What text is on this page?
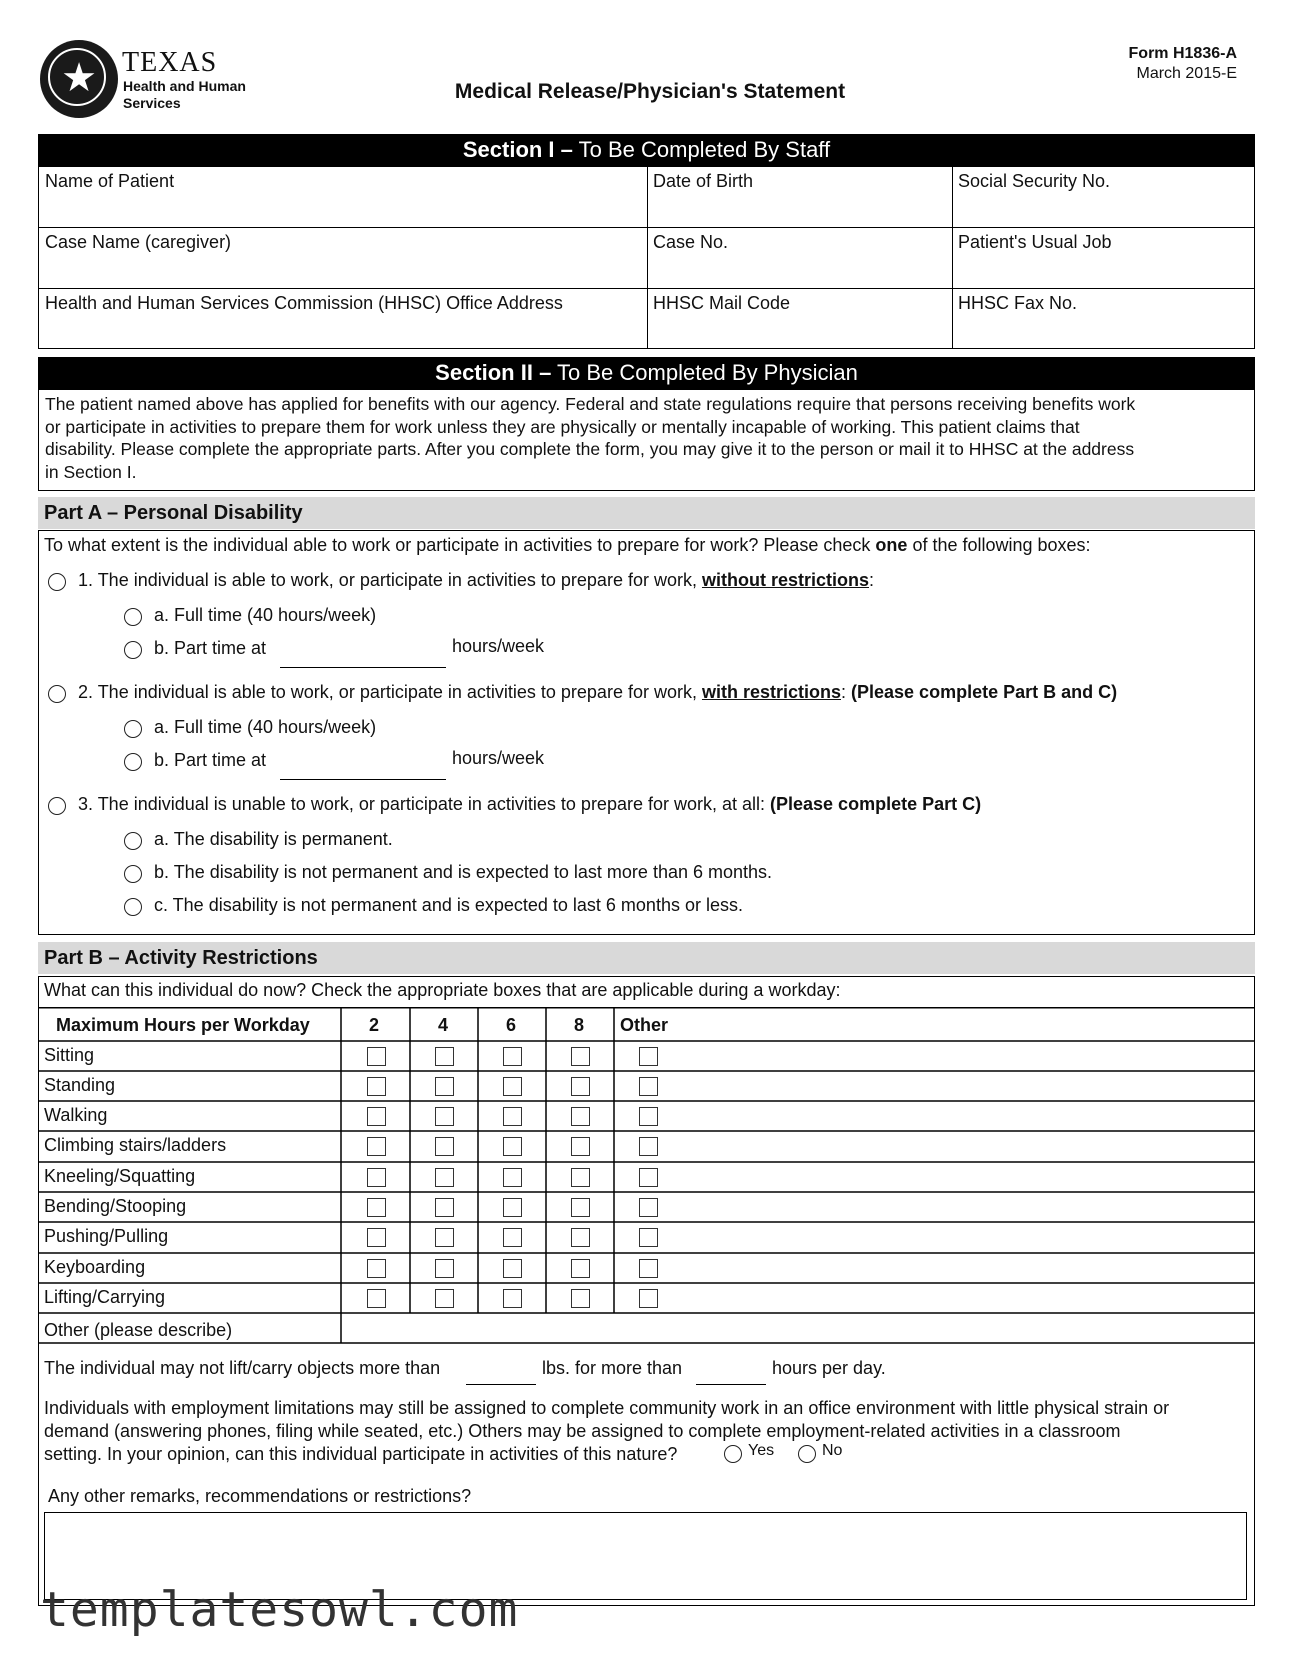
★ TEXAS
Health and Human
Services	Medical Release/Physician's Statement
Form H1836-A
March 2015-E
Section I – To Be Completed By Staff
Name of Patient	Date of Birth	Social Security No.
Case Name (caregiver)	Case No.	Patient's Usual Job
Health and Human Services Commission (HHSC) Office Address	HHSC Mail Code	HHSC Fax No.
Section II – To Be Completed By Physician
The patient named above has applied for benefits with our agency. Federal and state regulations require that persons receiving benefits work
or participate in activities to prepare them for work unless they are physically or mentally incapable of working. This patient claims that
disability. Please complete the appropriate parts. After you complete the form, you may give it to the person or mail it to HHSC at the address
in Section I.
Part A – Personal Disability
To what extent is the individual able to work or participate in activities to prepare for work? Please check one of the following boxes:
1. The individual is able to work, or participate in activities to prepare for work, without restrictions:
a. Full time (40 hours/week)
b. Part time at	hours/week
2. The individual is able to work, or participate in activities to prepare for work, with restrictions: (Please complete Part B and C)
a. Full time (40 hours/week)
b. Part time at	hours/week
3. The individual is unable to work, or participate in activities to prepare for work, at all: (Please complete Part C)
a. The disability is permanent.
b. The disability is not permanent and is expected to last more than 6 months.
c. The disability is not permanent and is expected to last 6 months or less.
Part B – Activity Restrictions
What can this individual do now? Check the appropriate boxes that are applicable during a workday:
Maximum Hours per Workday	2	4	6	8 Other
Sitting
Standing
Walking
Climbing stairs/ladders
Kneeling/Squatting
Bending/Stooping
Pushing/Pulling
Keyboarding
Lifting/Carrying
Other (please describe)
The individual may not lift/carry objects more than	lbs. for more than	hours per day.
Individuals with employment limitations may still be assigned to complete community work in an office environment with little physical strain or
demand (answering phones, filing while seated, etc.) Others may be assigned to complete employment-related activities in a classroom
setting. In your opinion, can this individual participate in activities of this nature?	Yes	No
Any other remarks, recommendations or restrictions?
templatesowl.com
